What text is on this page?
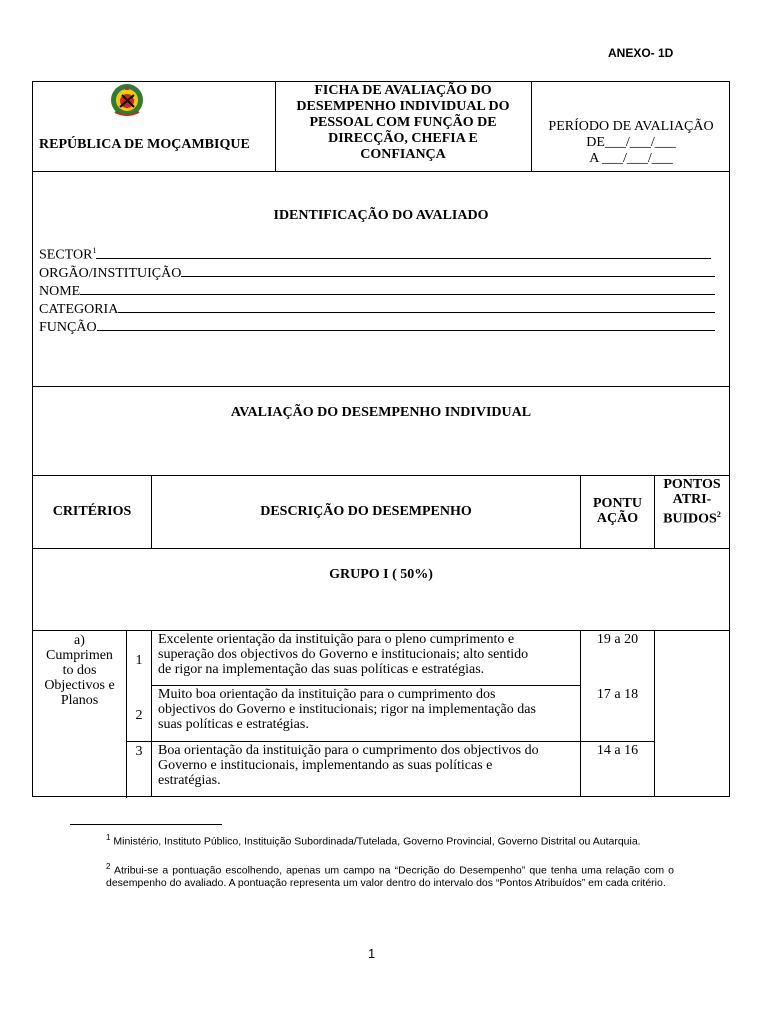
ANEXO- 1D
REPÚBLICA DE MOÇAMBIQUE
FICHA DE AVALIAÇÃO DO
DESEMPENHO INDIVIDUAL DO
PESSOAL COM FUNÇÃO DE
DIRECÇÃO, CHEFIA E
CONFIANÇA
PERÍODO DE AVALIAÇÃO
DE___/___/___
A ___/___/___
IDENTIFICAÇÃO DO AVALIADO
SECTOR$^1$
ORGÃO/INSTITUIÇÃO
NOME
CATEGORIA
FUNÇÃO
AVALIAÇÃO DO DESEMPENHO INDIVIDUAL
CRITÉRIOS	DESCRIÇÃO DO DESEMPENHO
PONTU
AÇÃO
PONTOS
ATRI-
BUIDOS$^2$
GRUPO I ( 50%)
a)
Cumprimen
to dos
Objectivos e
Planos
1
Excelente orientação da instituição para o pleno cumprimento e
superação dos objectivos do Governo e institucionais; alto sentido
de rigor na implementação das suas políticas e estratégias.
19 a 20
2
Muito boa orientação da instituição para o cumprimento dos
objectivos do Governo e institucionais; rigor na implementação das
suas políticas e estratégias.
17 a 18
3	Boa orientação da instituição para o cumprimento dos objectivos do
Governo e institucionais, implementando as suas políticas e
estratégias.
14 a 16
$^1$ Ministério, Instituto Público, Instituição Subordinada/Tutelada, Governo Provincial, Governo Distrital ou Autarquia.
$^2$ Atribui-se a pontuação escolhendo, apenas um campo na “Decrição do Desempenho” que tenha uma relação com o desempenho do avaliado. A pontuação representa um valor dentro do intervalo dos “Pontos Atribuídos” em cada critério.
1
